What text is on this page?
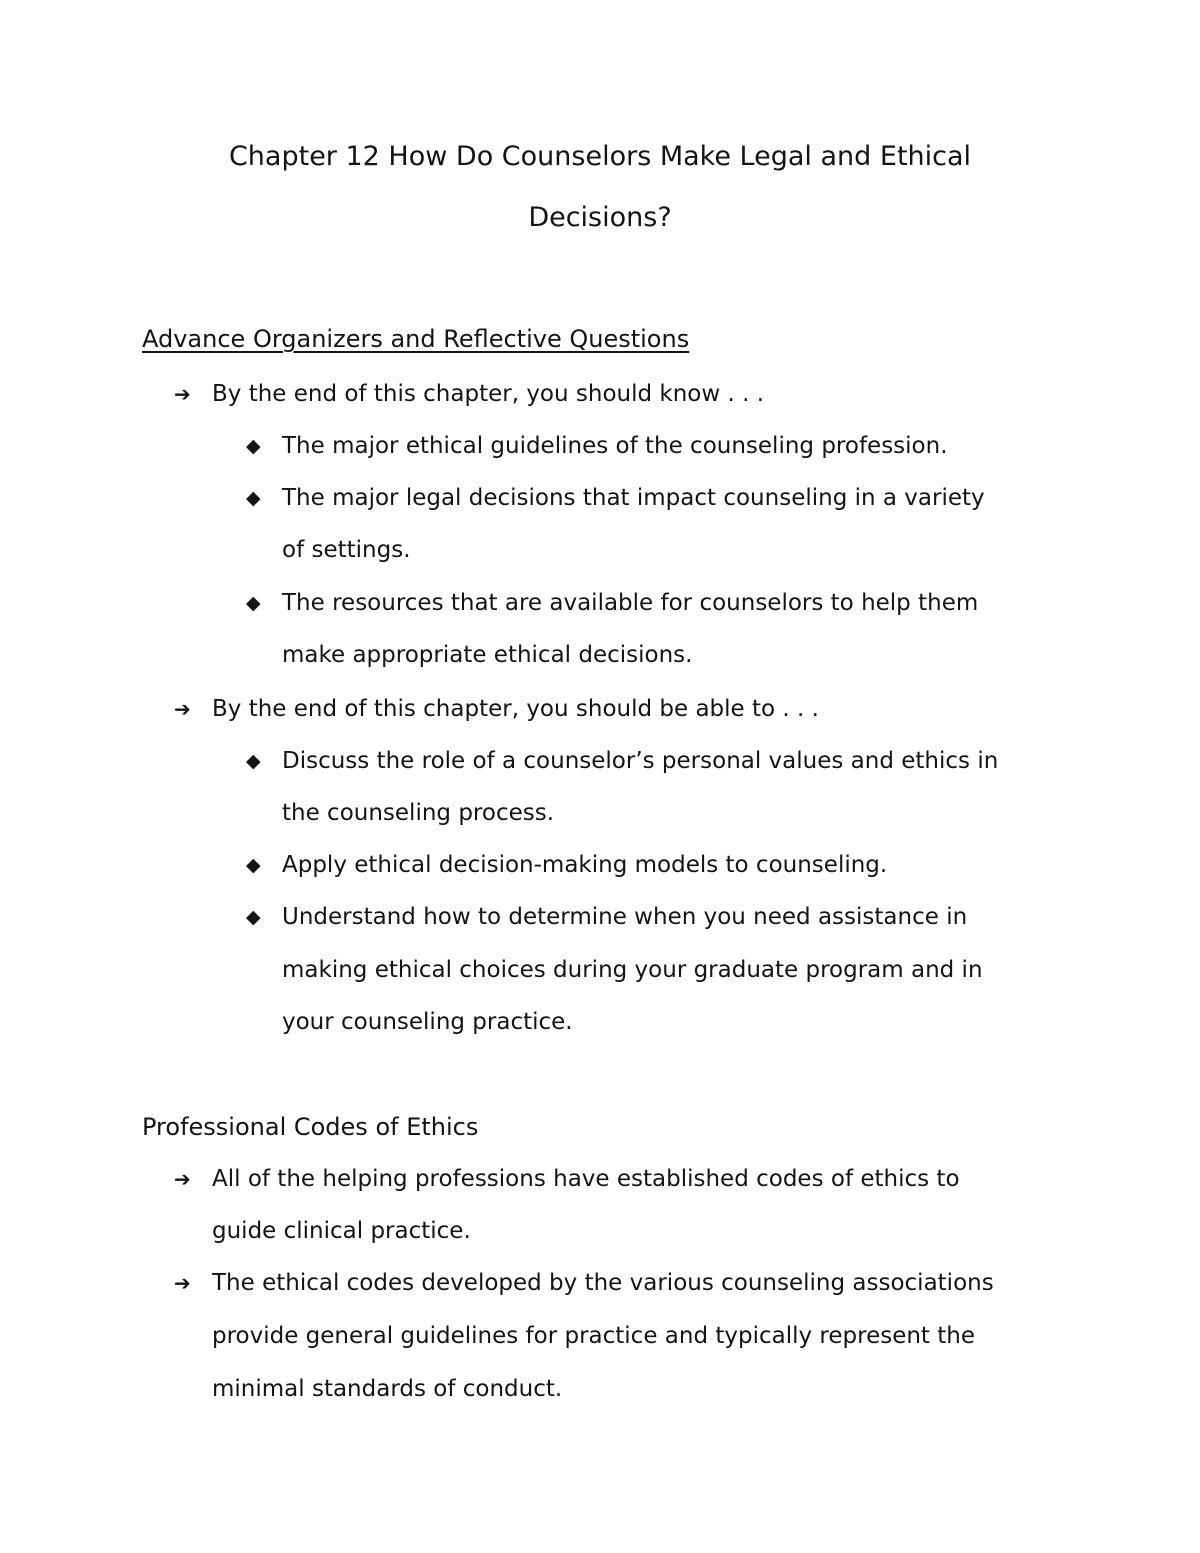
Chapter 12 How Do Counselors Make Legal and Ethical
Decisions?
Advance Organizers and Reflective Questions
➔ By the end of this chapter, you should know . . .
◆ The major ethical guidelines of the counseling profession.
◆ The major legal decisions that impact counseling in a variety
of settings.
◆ The resources that are available for counselors to help them
make appropriate ethical decisions.
➔ By the end of this chapter, you should be able to . . .
◆ Discuss the role of a counselor’s personal values and ethics in
the counseling process.
◆ Apply ethical decision-making models to counseling.
◆ Understand how to determine when you need assistance in
making ethical choices during your graduate program and in
your counseling practice.
Professional Codes of Ethics
➔ All of the helping professions have established codes of ethics to
guide clinical practice.
➔ The ethical codes developed by the various counseling associations
provide general guidelines for practice and typically represent the
minimal standards of conduct.
